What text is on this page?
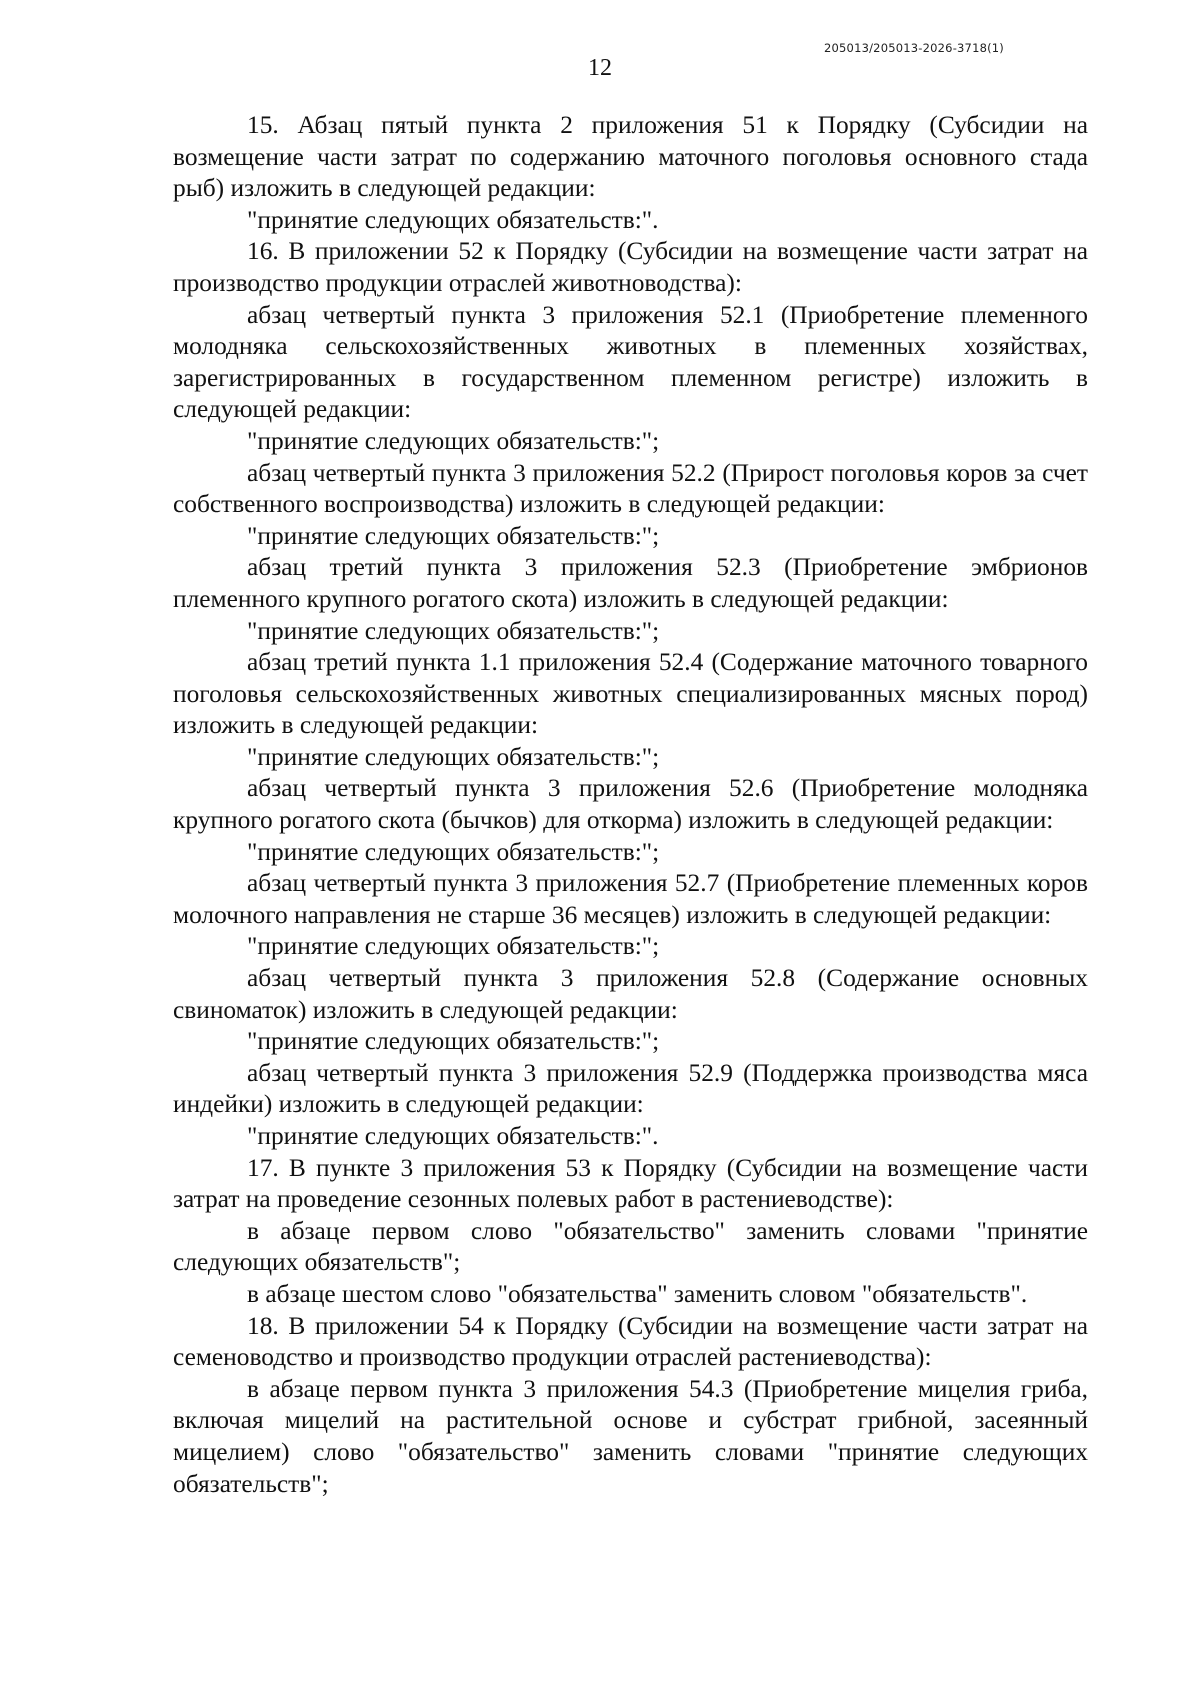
205013/205013-2026-3718(1)
12

15. Абзац пятый пункта 2 приложения 51 к Порядку (Субсидии на возмещение части затрат по содержанию маточного поголовья основного стада рыб) изложить в следующей редакции:

"принятие следующих обязательств:".

16. В приложении 52 к Порядку (Субсидии на возмещение части затрат на производство продукции отраслей животноводства):

абзац четвертый пункта 3 приложения 52.1 (Приобретение племенного молодняка сельскохозяйственных животных в племенных хозяйствах, зарегистрированных в государственном племенном регистре) изложить в следующей редакции:

"принятие следующих обязательств:";

абзац четвертый пункта 3 приложения 52.2 (Прирост поголовья коров за счет собственного воспроизводства) изложить в следующей редакции:

"принятие следующих обязательств:";

абзац третий пункта 3 приложения 52.3 (Приобретение эмбрионов племенного крупного рогатого скота) изложить в следующей редакции:

"принятие следующих обязательств:";

абзац третий пункта 1.1 приложения 52.4 (Содержание маточного товарного поголовья сельскохозяйственных животных специализированных мясных пород) изложить в следующей редакции:

"принятие следующих обязательств:";

абзац четвертый пункта 3 приложения 52.6 (Приобретение молодняка крупного рогатого скота (бычков) для откорма) изложить в следующей редакции:

"принятие следующих обязательств:";

абзац четвертый пункта 3 приложения 52.7 (Приобретение племенных коров молочного направления не старше 36 месяцев) изложить в следующей редакции:

"принятие следующих обязательств:";

абзац четвертый пункта 3 приложения 52.8 (Содержание основных свиноматок) изложить в следующей редакции:

"принятие следующих обязательств:";

абзац четвертый пункта 3 приложения 52.9 (Поддержка производства мяса индейки) изложить в следующей редакции:

"принятие следующих обязательств:".

17. В пункте 3 приложения 53 к Порядку (Субсидии на возмещение части затрат на проведение сезонных полевых работ в растениеводстве):

в абзаце первом слово "обязательство" заменить словами "принятие следующих обязательств";

в абзаце шестом слово "обязательства" заменить словом "обязательств".

18. В приложении 54 к Порядку (Субсидии на возмещение части затрат на семеноводство и производство продукции отраслей растениеводства):

в абзаце первом пункта 3 приложения 54.3 (Приобретение мицелия гриба, включая мицелий на растительной основе и субстрат грибной, засеянный мицелием) слово "обязательство" заменить словами "принятие следующих обязательств";
